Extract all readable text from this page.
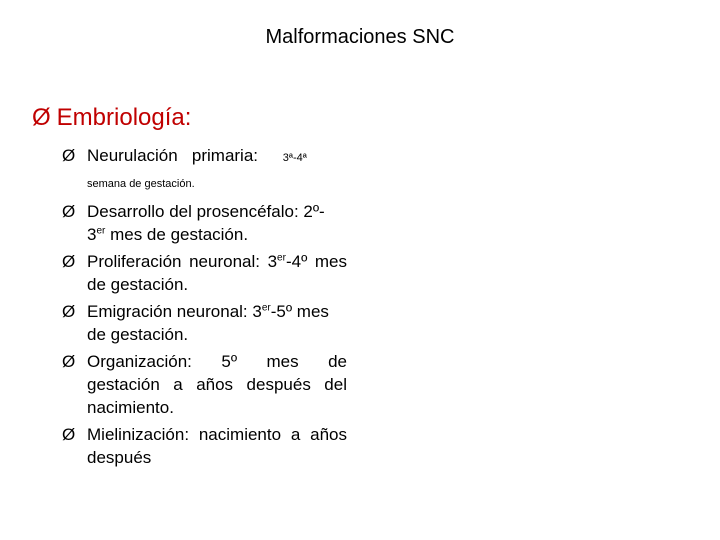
Malformaciones SNC
Ø Embriología:
Ø Neurulación   primaria: 3ª-4ª
semana de gestación.
Ø Desarrollo del prosencéfalo: 2º-
3er mes de gestación.
Ø Proliferación neuronal: 3er-4º mes de gestación.
Ø Emigración neuronal: 3er-5º mes de gestación.
Ø Organización: 5º mes de gestación a años después del nacimiento.
Ø Mielinización: nacimiento a años después
